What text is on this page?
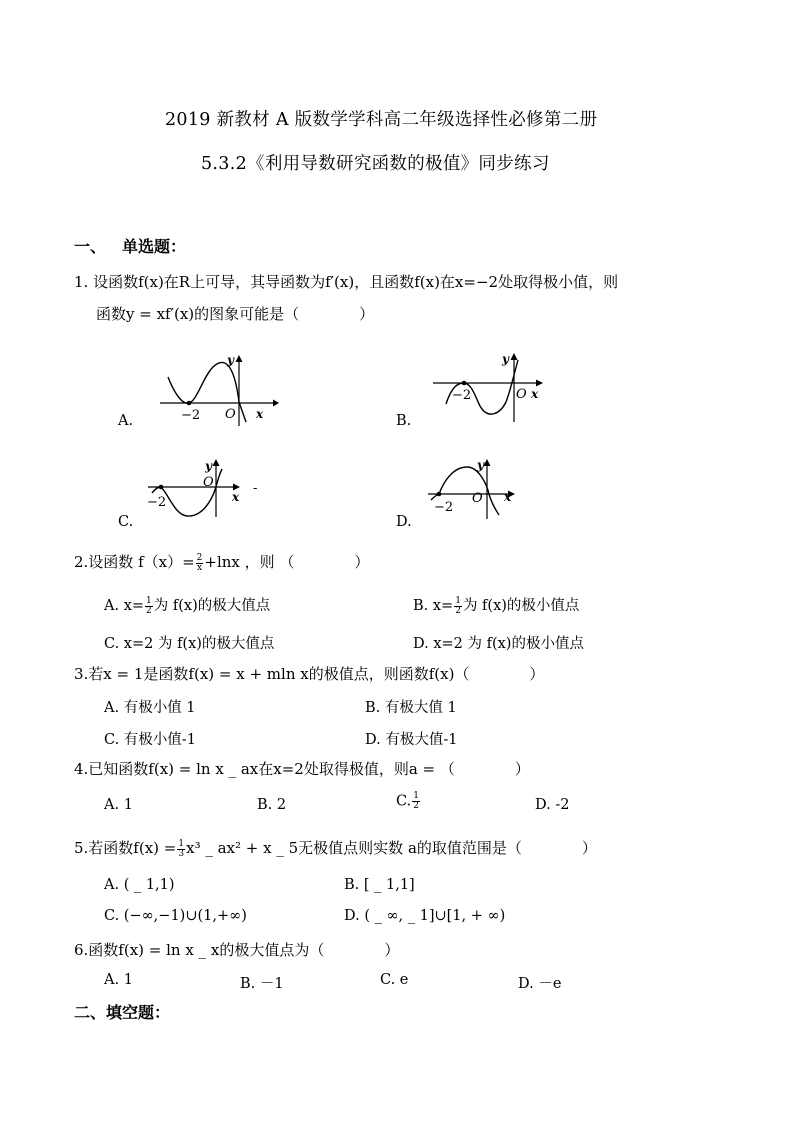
2019 新教材 A 版数学学科高二年级选择性必修第二册
5.3.2《利用导数研究函数的极值》同步练习
一、 单选题：
1. 设函数f(x)在R上可导，其导函数为f′(x)，且函数f(x)在x=−2处取得极小值，则
函数y = xf′(x)的图象可能是（　　　　）
A.	B.
C.	D.
−2 O x
y
−2	O x
y
−2
O
x
y
-
−2
O x
y
2.设函数 $f(x)= \frac{2}{x} +\ln x$ ，则 （　　　　）
A. $x= \frac{1}{2}$ 为 f(x)的极大值点	B. $x= \frac{1}{2}$ 为 f(x)的极小值点
C. x=2 为 f(x)的极大值点	D. x=2 为 f(x)的极小值点
3.若x = 1是函数f(x) = x + mln x的极值点，则函数f(x)（　　　　）
A. 有极小值 1	B. 有极大值 1
C. 有极小值-1	D. 有极大值-1
4.已知函数f(x) = ln x _ ax在x=2处取得极值，则a = （　　　　）
A. 1	B. 2	C. $\frac{1}{2}$	D. -2
5.若函数$f(x) = \frac{1}{3} x^3$ _ ax² + x _ 5无极值点则实数 a的取值范围是（　　　　）
A. ( _ 1,1)	B. [ _ 1,1]
C. (−∞,−1)∪(1,+∞)	D. ( _ ∞, _ 1]∪[1, + ∞)
6.函数f(x) = ln x _ x的极大值点为（　　　　）
A. 1	B. －1	C. e	D. －e
二、填空题：
